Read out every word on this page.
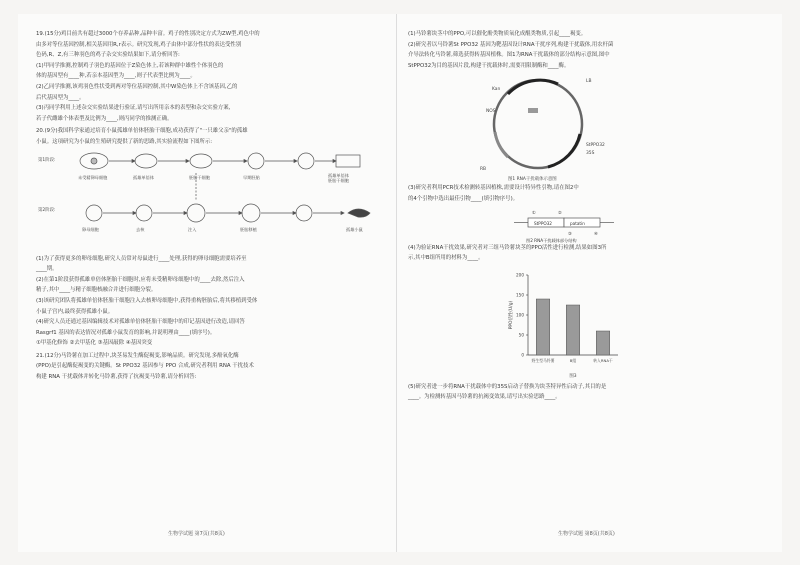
19.(15分)鸡目前共有超过3000个存养品种,品种丰富。鸡子的性别决定方式为ZW型,鸡色中的

由多对等位基因控制,相关基因用R,r表示。研究发现,鸡子由体中部分性状的表达受性别

色码,R、Z,有三种羽色的鸡子杂交实验结果如下,请分析回答:

(1)甲同学推测,控制鸡子羽色的基因位于Z染色体上,若该种群中雄性个体羽色的

体的基因型有____种,若亲本基因型为____,则子代表型比例为____。

(2)乙同学推测,该鸡羽色性状受到两对等位基因控制,其中W染色体上不含该基因,乙的

后代基因型为____。

(3)丙同学利用上述杂交实验结果进行验证,请写出所用亲本的表型和杂交实验方案,

若子代雌雄个体表型及比例为____,则丙同学的推测正确。

20.(9分)我国科学家通过培育小鼠孤雄单倍体胚胎干细胞,成功获得了"一只雄父亲"的孤雄

小鼠。这项研究为小鼠的生殖研究提供了新的思路,其实验流程如下图所示:

第1阶段:
第2阶段:
未受精卵母细胞	孤雄单倍体	胚胎干细胞	早期胚胎	孤雄单倍体
胚胎干细胞
卵母细胞	去核	注入	胚胎移植	孤雄小鼠

(1)为了获得更多的卵母细胞,研究人员常对母鼠进行____处理,获得的卵母细胞需要培养至

____期。

(2)在第1阶段获得孤雄单倍体胚胎干细胞时,应将未受精卵母细胞中的____去除,然后注入

精子,其中____与精子细胞核融合并进行细胞分裂。

(3)该研究团队将孤雄单倍体胚胎干细胞注入去核卵母细胞中,获得重构胚胎后,将其移植到受体

小鼠子宫内,最终获得孤雄小鼠。

(4)研究人员还通过基因编辑技术对孤雄单倍体胚胎干细胞中的印记基因进行改造,请回答

Rasgrf1 基因的表达情况对孤雄小鼠发育的影响,并说明理由____(填序号)。

①甲基化修饰 ②去甲基化 ③基因敲除 ④基因突变

21.(12分)马铃薯在加工过程中,块茎易发生酶促褐变,影响品质。研究发现,多酚氧化酶

(PPO)是引起酶促褐变的关键酶。St PPO32 基因参与 PPO 合成,研究者利用 RNA 干扰技术

构建 RNA 干扰载体并转化马铃薯,获得了抗褐变马铃薯,请分析回答:

生物学试题 第7页(共8页)

(1)马铃薯块茎中的PPO,可以催化酚类物质氧化成醌类物质,引起____褐变。

(2)研究者以马铃薯St PPO32 基因为靶基因设计RNA干扰序列,构建干扰载体,用农杆菌

介导法转化马铃薯,筛选获得转基因植株。图1为RNA干扰载体的部分结构示意图,图中

StPPO32为目的基因片段,构建干扰载体时,需要用限制酶和____酶。

LB
RB
StPPO32
35S
NOS
Kan
图1 RNA干扰载体示意图

(3)研究者利用PCR技术检测转基因植株,需要设计特异性引物,请在图2中

的4个引物中选出最佳引物____(填引物序号)。

StPPO32	patatin
①	②
③	④
图2 RNA干扰载体部分结构

(4)为验证RNA干扰效果,研究者对三组马铃薯块茎的PPO活性进行检测,结果如图3所

示,其中B组所用的材料为____。

0
50
100
150
200
PPO活性(U/g)
野生型马铃薯	B组	转入RNA干
图3

(5)研究者进一步将RNA干扰载体中的35S启动子替换为块茎特异性启动子,其目的是

____。为检测转基因马铃薯的抗褐变效果,请写出实验思路____。

生物学试题 第8页(共8页)
